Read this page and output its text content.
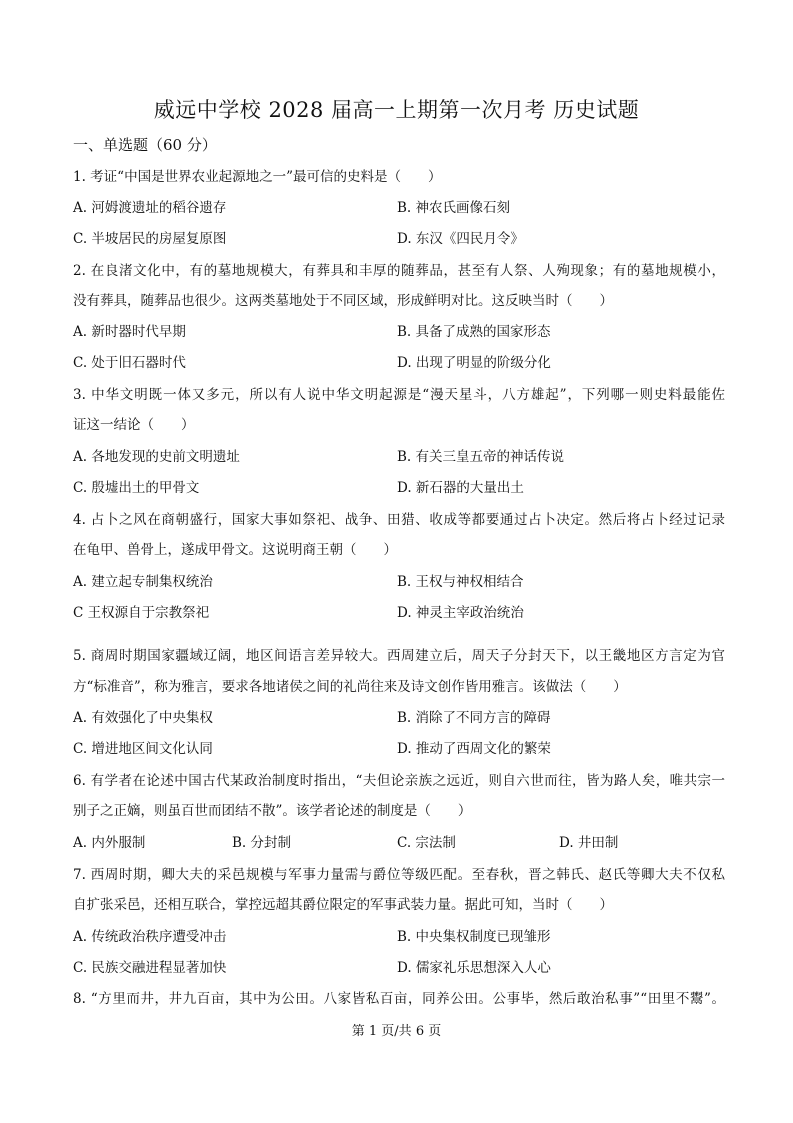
威远中学校 2028 届高一上期第一次月考 历史试题
一、单选题（60 分）
1. 考证“中国是世界农业起源地之一”最可信的史料是（　　）
A. 河姆渡遗址的稻谷遗存	B. 神农氏画像石刻
C. 半坡居民的房屋复原图	D. 东汉《四民月令》
2. 在良渚文化中，有的墓地规模大，有葬具和丰厚的随葬品，甚至有人祭、人殉现象；有的墓地规模小，
没有葬具，随葬品也很少。这两类墓地处于不同区域，形成鲜明对比。这反映当时（　　）
A. 新时器时代早期	B. 具备了成熟的国家形态
C. 处于旧石器时代	D. 出现了明显的阶级分化
3. 中华文明既一体又多元，所以有人说中华文明起源是“漫天星斗，八方雄起”，下列哪一则史料最能佐
证这一结论（　　）
A. 各地发现的史前文明遗址	B. 有关三皇五帝的神话传说
C. 殷墟出土的甲骨文	D. 新石器的大量出土
4. 占卜之风在商朝盛行，国家大事如祭祀、战争、田猎、收成等都要通过占卜决定。然后将占卜经过记录
在龟甲、兽骨上，遂成甲骨文。这说明商王朝（　　）
A. 建立起专制集权统治	B. 王权与神权相结合
C 王权源自于宗教祭祀	D. 神灵主宰政治统治
5. 商周时期国家疆域辽阔，地区间语言差异较大。西周建立后，周天子分封天下，以王畿地区方言定为官
方“标准音”，称为雅言，要求各地诸侯之间的礼尚往来及诗文创作皆用雅言。该做法（　　）
A. 有效强化了中央集权	B. 消除了不同方言的障碍
C. 增进地区间文化认同	D. 推动了西周文化的繁荣
6. 有学者在论述中国古代某政治制度时指出，“夫但论亲族之远近，则自六世而往，皆为路人矣，唯共宗一
别子之正嫡，则虽百世而团结不散”。该学者论述的制度是（　　）
A. 内外服制	B. 分封制	C. 宗法制	D. 井田制
7. 西周时期，卿大夫的采邑规模与军事力量需与爵位等级匹配。至春秋，晋之韩氏、赵氏等卿大夫不仅私
自扩张采邑，还相互联合，掌控远超其爵位限定的军事武装力量。据此可知，当时（　　）
A. 传统政治秩序遭受冲击	B. 中央集权制度已现雏形
C. 民族交融进程显著加快	D. 儒家礼乐思想深入人心
8. “方里而井，井九百亩，其中为公田。八家皆私百亩，同养公田。公事毕，然后敢治私事”“田里不鬻”。
第 1 页/共 6 页
